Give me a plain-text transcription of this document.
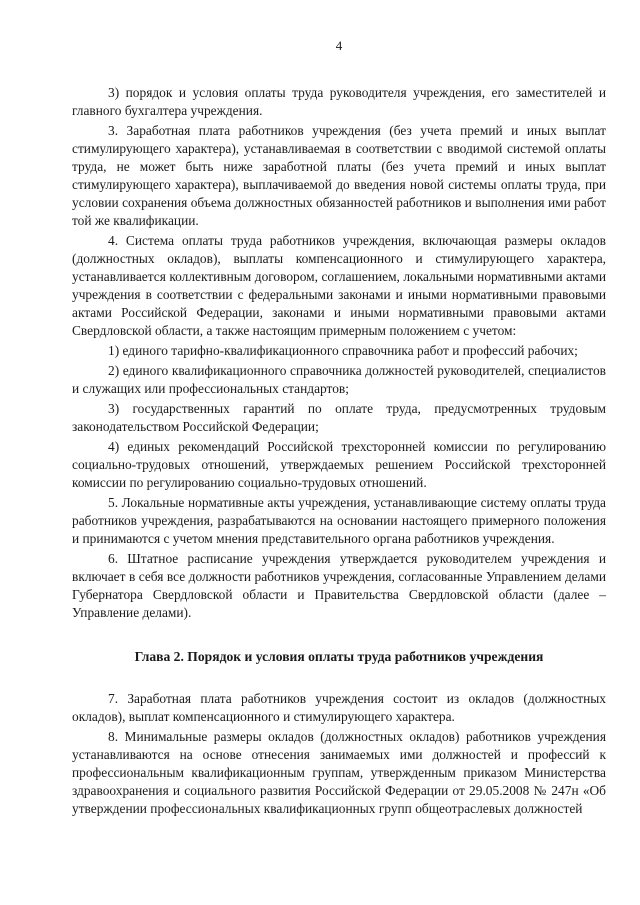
4

3) порядок и условия оплаты труда руководителя учреждения, его заместителей и главного бухгалтера учреждения.

3. Заработная плата работников учреждения (без учета премий и иных выплат стимулирующего характера), устанавливаемая в соответствии с вводимой системой оплаты труда, не может быть ниже заработной платы (без учета премий и иных выплат стимулирующего характера), выплачиваемой до введения новой системы оплаты труда, при условии сохранения объема должностных обязанностей работников и выполнения ими работ той же квалификации.

4. Система оплаты труда работников учреждения, включающая размеры окладов (должностных окладов), выплаты компенсационного и стимулирующего характера, устанавливается коллективным договором, соглашением, локальными нормативными актами учреждения в соответствии с федеральными законами и иными нормативными правовыми актами Российской Федерации, законами и иными нормативными правовыми актами Свердловской области, а также настоящим примерным положением с учетом:

1) единого тарифно-квалификационного справочника работ и профессий рабочих;

2) единого квалификационного справочника должностей руководителей, специалистов и служащих или профессиональных стандартов;

3) государственных гарантий по оплате труда, предусмотренных трудовым законодательством Российской Федерации;

4) единых рекомендаций Российской трехсторонней комиссии по регулированию социально-трудовых отношений, утверждаемых решением Российской трехсторонней комиссии по регулированию социально-трудовых отношений.

5. Локальные нормативные акты учреждения, устанавливающие систему оплаты труда работников учреждения, разрабатываются на основании настоящего примерного положения и принимаются с учетом мнения представительного органа работников учреждения.

6. Штатное расписание учреждения утверждается руководителем учреждения и включает в себя все должности работников учреждения, согласованные Управлением делами Губернатора Свердловской области и Правительства Свердловской области (далее – Управление делами).

Глава 2. Порядок и условия оплаты труда работников учреждения

7. Заработная плата работников учреждения состоит из окладов (должностных окладов), выплат компенсационного и стимулирующего характера.

8. Минимальные размеры окладов (должностных окладов) работников учреждения устанавливаются на основе отнесения занимаемых ими должностей и профессий к профессиональным квалификационным группам, утвержденным приказом Министерства здравоохранения и социального развития Российской Федерации от 29.05.2008 № 247н «Об утверждении профессиональных квалификационных групп общеотраслевых должностей
